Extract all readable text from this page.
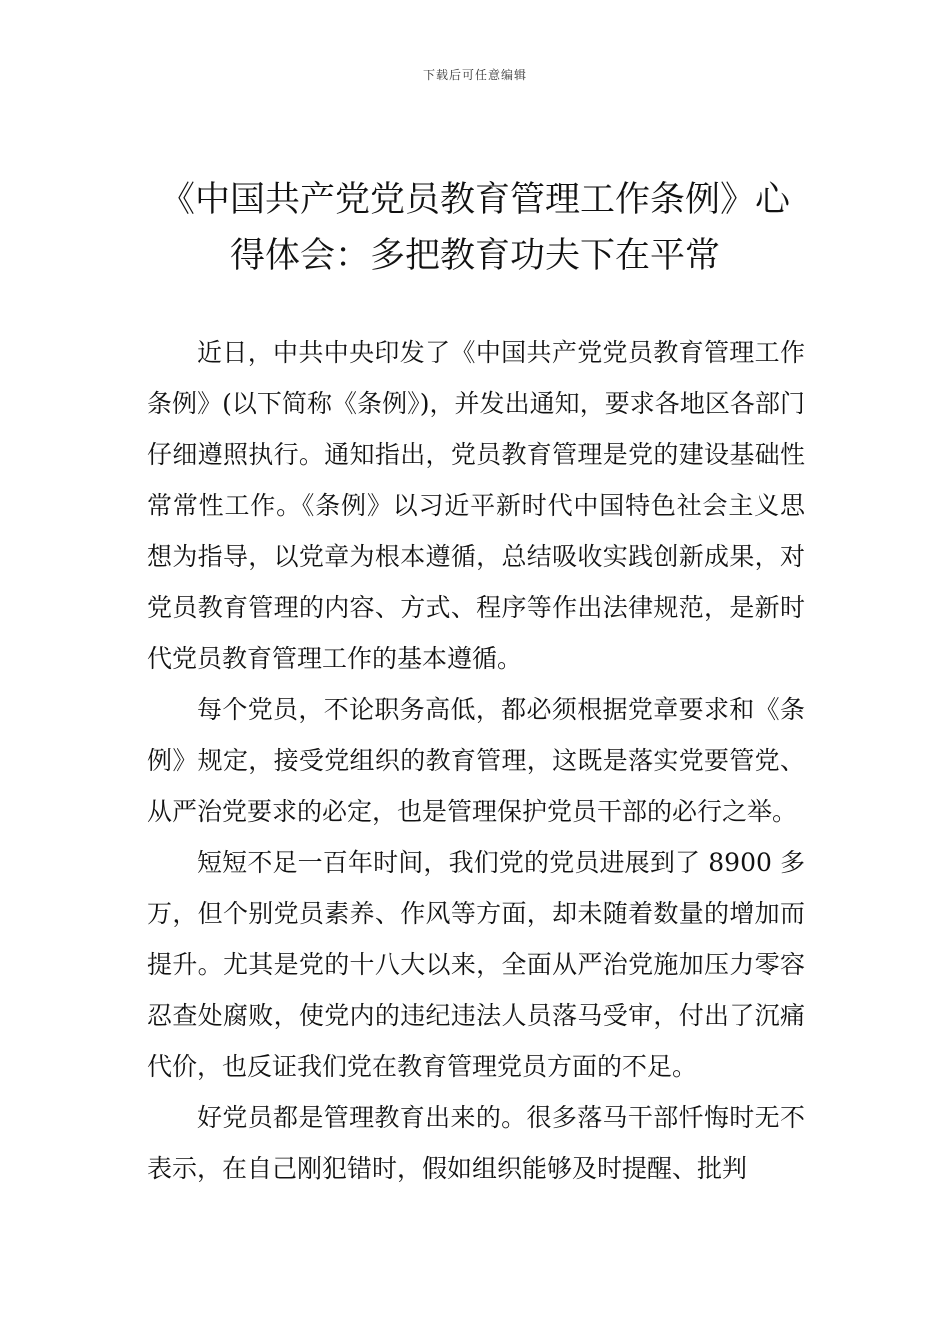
下载后可任意编辑
《中国共产党党员教育管理工作条例》心得体会：多把教育功夫下在平常

近日，中共中央印发了《中国共产党党员教育管理工作条例》(以下简称《条例》)，并发出通知，要求各地区各部门仔细遵照执行。通知指出，党员教育管理是党的建设基础性常常性工作。《条例》以习近平新时代中国特色社会主义思想为指导，以党章为根本遵循，总结吸收实践创新成果，对党员教育管理的内容、方式、程序等作出法律规范，是新时代党员教育管理工作的基本遵循。

每个党员，不论职务高低，都必须根据党章要求和《条例》规定，接受党组织的教育管理，这既是落实党要管党、从严治党要求的必定，也是管理保护党员干部的必行之举。

短短不足一百年时间，我们党的党员进展到了 8900 多万，但个别党员素养、作风等方面，却未随着数量的增加而提升。尤其是党的十八大以来，全面从严治党施加压力零容忍查处腐败，使党内的违纪违法人员落马受审，付出了沉痛代价，也反证我们党在教育管理党员方面的不足。

好党员都是管理教育出来的。很多落马干部忏悔时无不表示，在自己刚犯错时，假如组织能够及时提醒、批判
